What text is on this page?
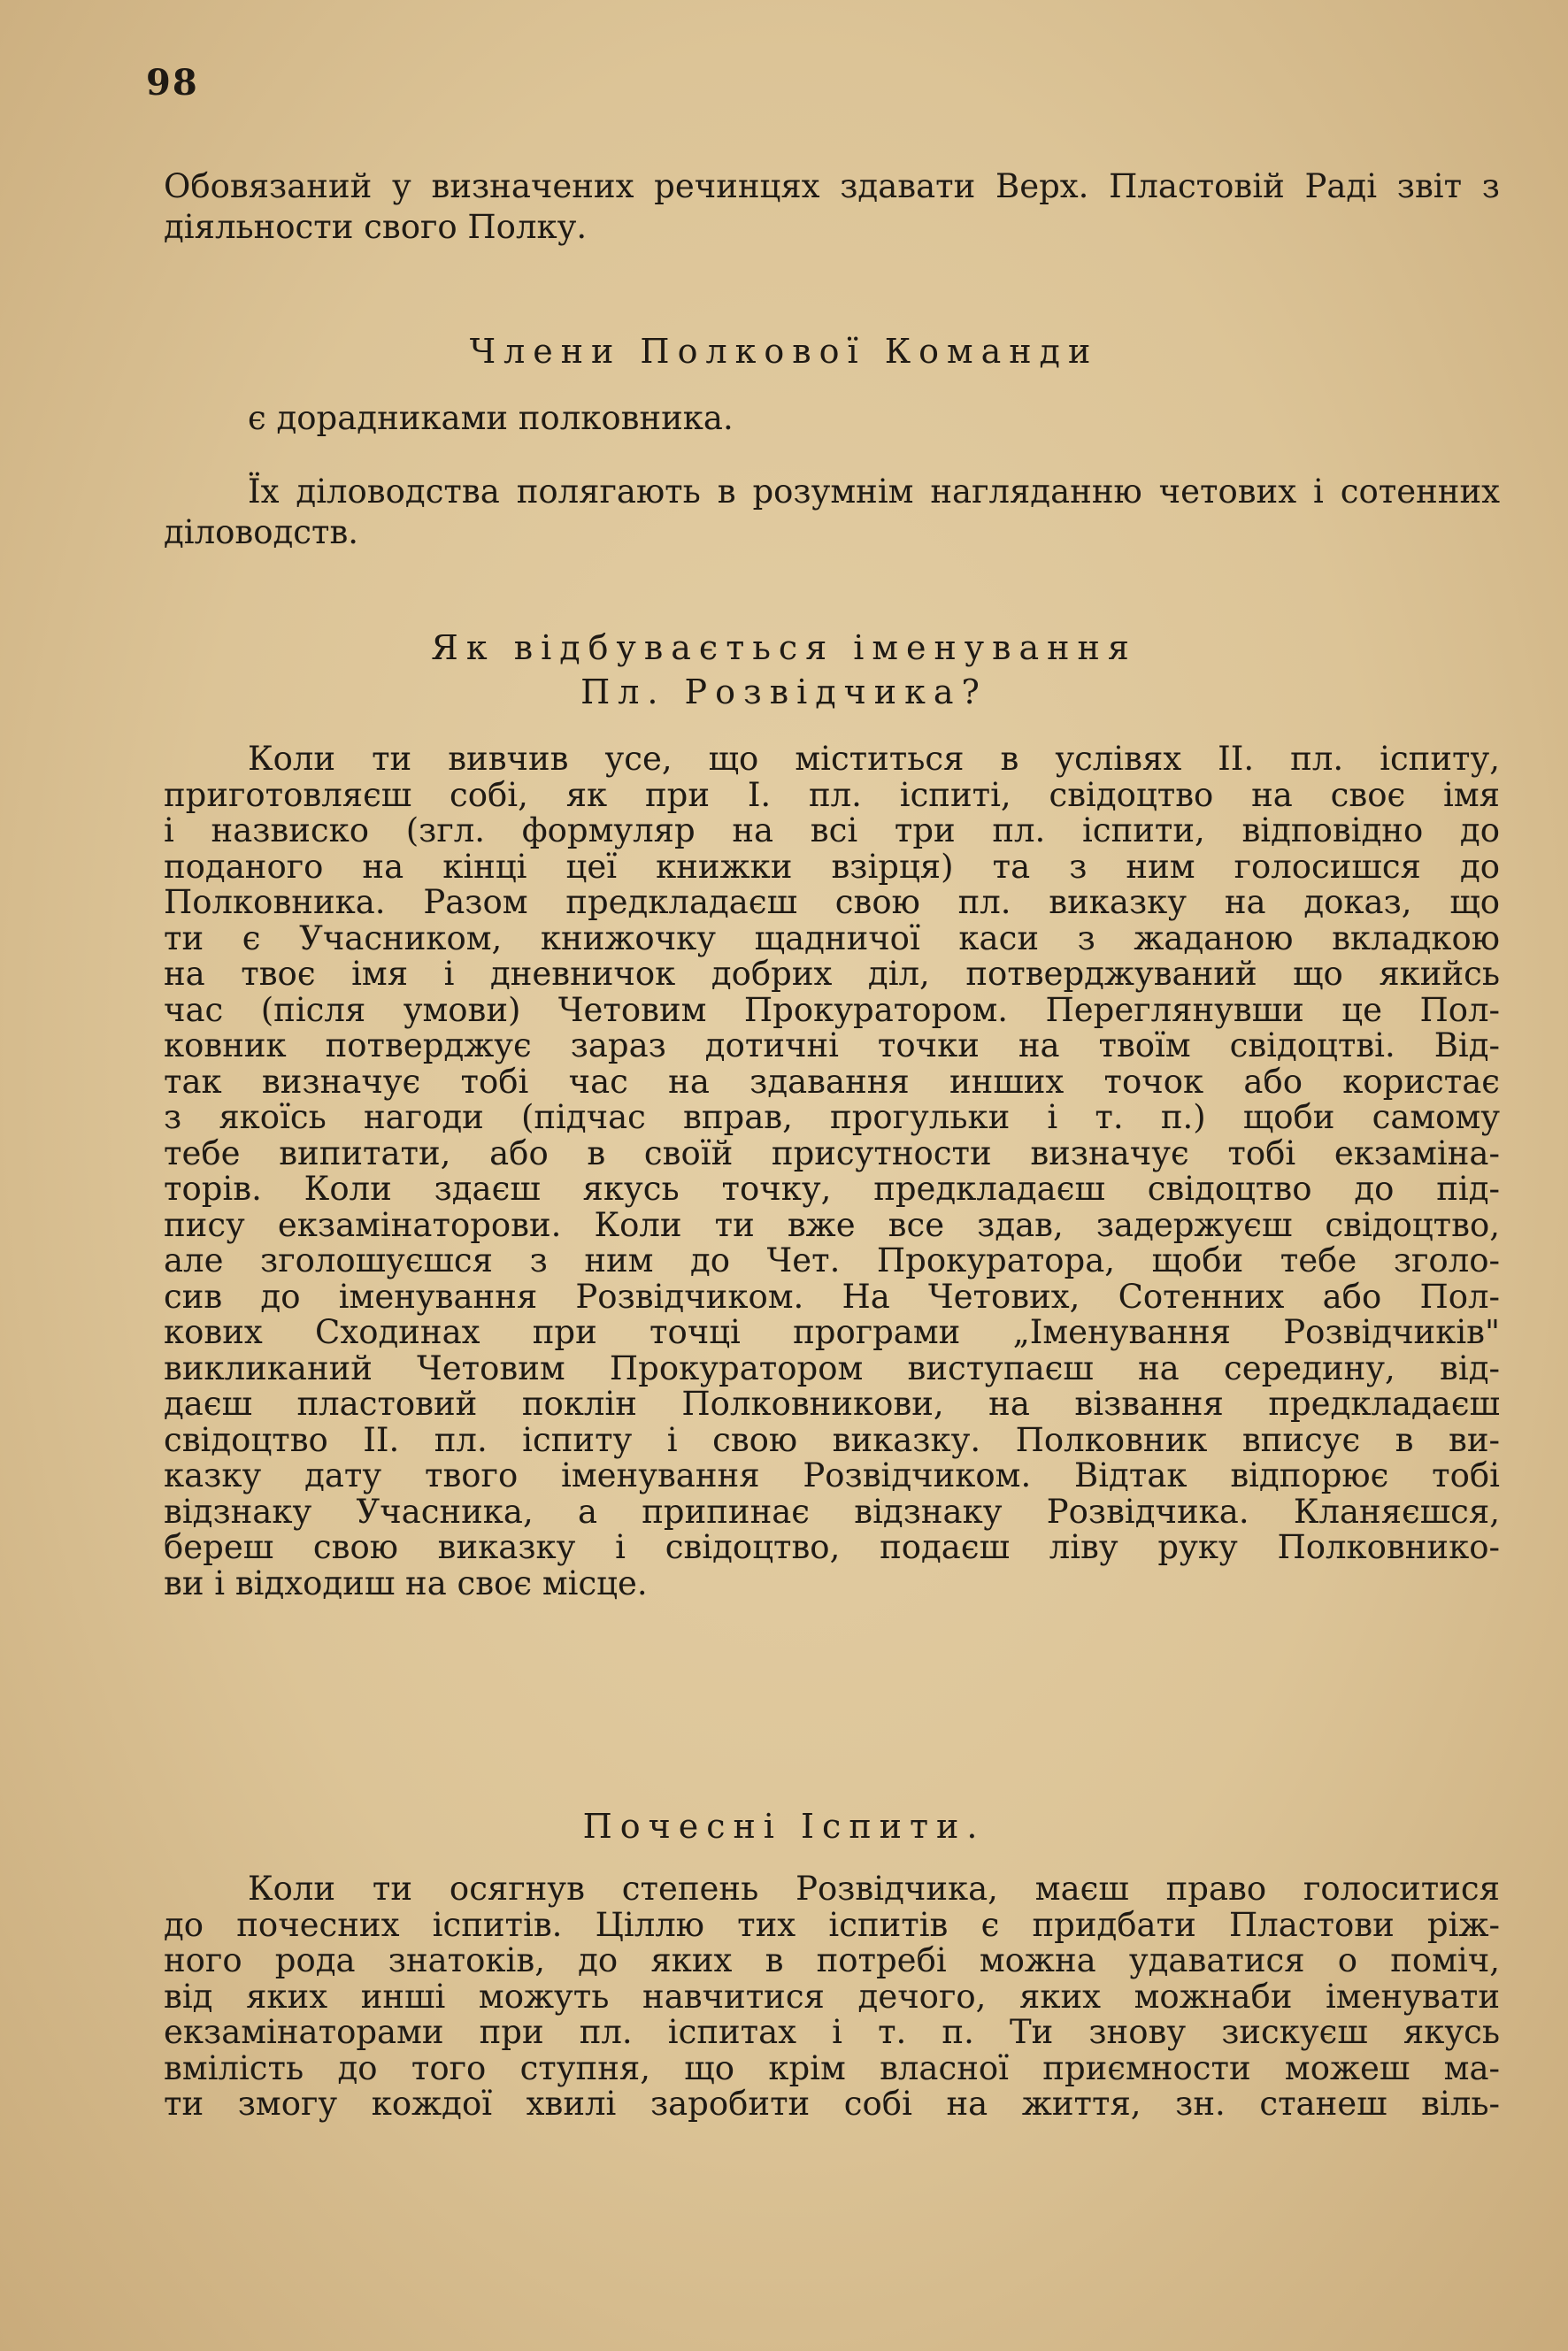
98

Обовязаний у визначених речинцях здавати Верх. Пластовій Раді звіт з діяльности свого Полку.

Члени Полкової Команди

є дорадниками полковника.

Їх діловодства полягають в розумнім нагляданню четових і сотенних діловодств.

Як відбувається іменування
Пл. Розвідчика?
Коли ти вивчив усе, що міститься в услівях II. пл. іспиту,
приготовляєш собі, як при I. пл. іспиті, свідоцтво на своє імя
і назвиско (згл. формуляр на всі три пл. іспити, відповідно до
поданого на кінці цеї книжки взірця) та з ним голосишся до
Полковника. Разом предкладаєш свою пл. виказку на доказ, що
ти є Учасником, книжочку щадничої каси з жаданою вкладкою
на твоє імя і дневничок добрих діл, потверджуваний що якийсь
час (після умови) Четовим Прокуратором. Переглянувши це Пол-
ковник потверджує зараз дотичні точки на твоїм свідоцтві. Від-
так визначує тобі час на здавання инших точок або користає
з якоїсь нагоди (підчас вправ, прогульки і т. п.) щоби самому
тебе випитати, або в своїй присутности визначує тобі екзаміна-
торів. Коли здаєш якусь точку, предкладаєш свідоцтво до під-
пису екзамінаторови. Коли ти вже все здав, задержуєш свідоцтво,
але зголошуєшся з ним до Чет. Прокуратора, щоби тебе зголо-
сив до іменування Розвідчиком. На Четових, Сотенних або Пол-
кових Сходинах при точці програми „Іменування Розвідчиків"
викликаний Четовим Прокуратором виступаєш на середину, від-
даєш пластовий поклін Полковникови, на візвання предкладаєш
свідоцтво II. пл. іспиту і свою виказку. Полковник вписує в ви-
казку дату твого іменування Розвідчиком. Відтак відпорює тобі
відзнаку Учасника, а припинає відзнаку Розвідчика. Кланяєшся,
береш свою виказку і свідоцтво, подаєш ліву руку Полковнико-
ви і відходиш на своє місце.
Почесні Іспити.
Коли ти осягнув степень Розвідчика, маєш право голоситися
до почесних іспитів. Ціллю тих іспитів є придбати Пластови ріж-
ного рода знатоків, до яких в потребі можна удаватися о поміч,
від яких инші можуть навчитися дечого, яких можнаби іменувати
екзамінаторами при пл. іспитах і т. п. Ти знову зискуєш якусь
вмілість до того ступня, що крім власної приємности можеш ма-
ти змогу кождої хвилі заробити собі на життя, зн. станеш віль-
